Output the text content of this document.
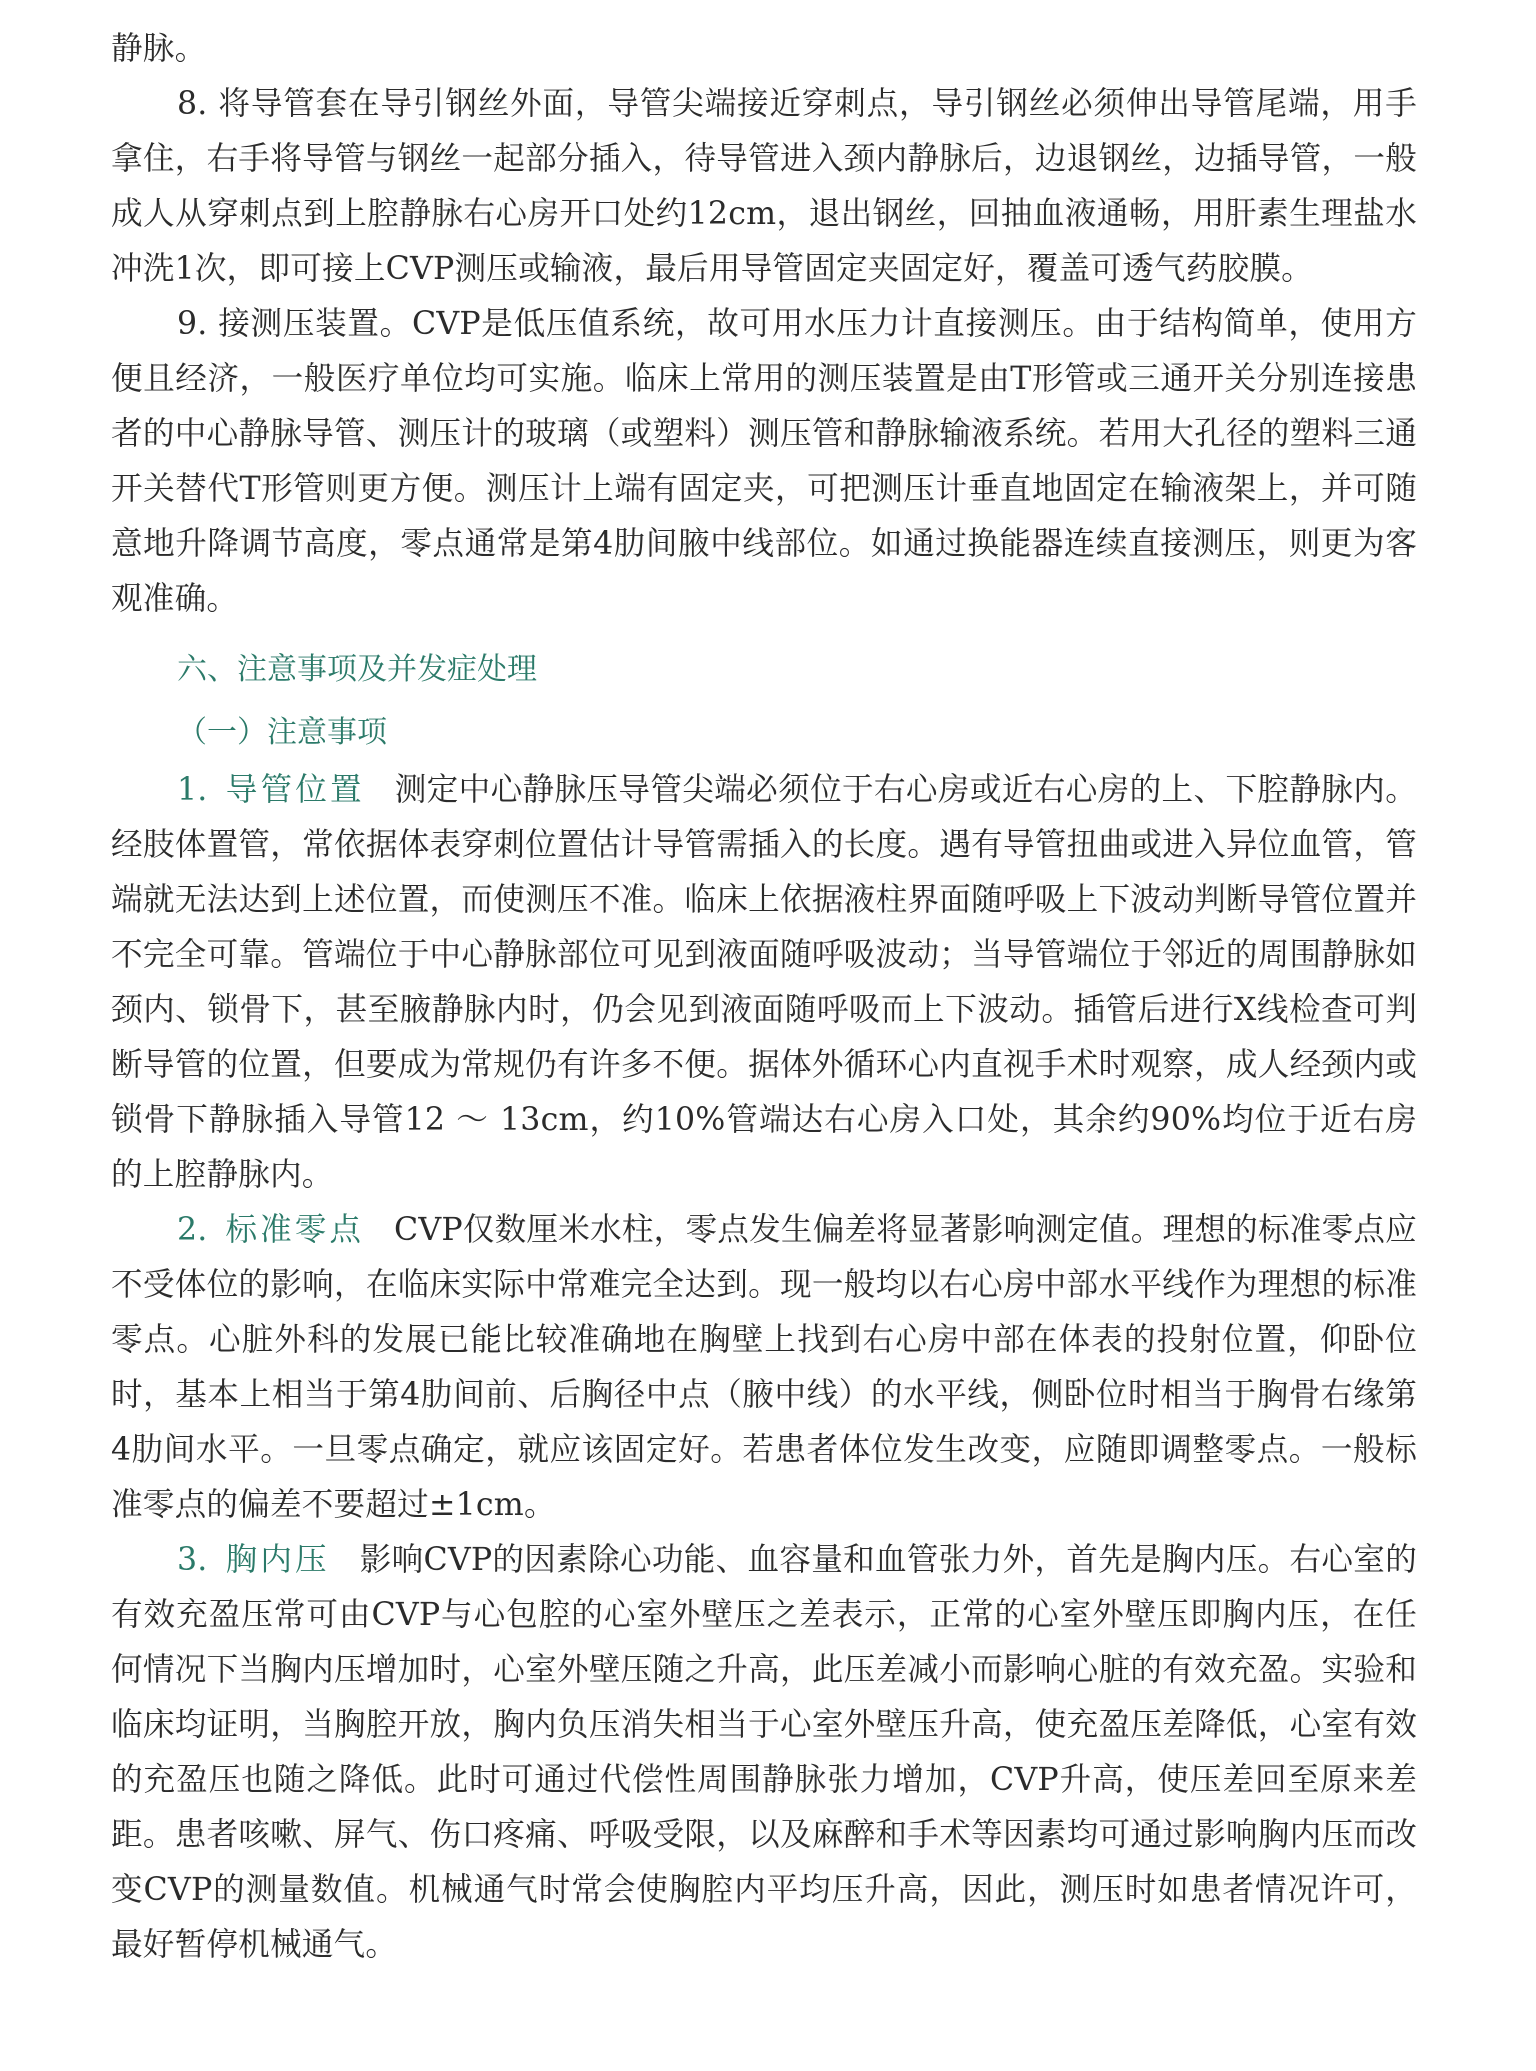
静脉。

8. 将导管套在导引钢丝外面，导管尖端接近穿刺点，导引钢丝必须伸出导管尾端，用手拿住，右手将导管与钢丝一起部分插入，待导管进入颈内静脉后，边退钢丝，边插导管，一般成人从穿刺点到上腔静脉右心房开口处约12cm，退出钢丝，回抽血液通畅，用肝素生理盐水冲洗1次，即可接上CVP测压或输液，最后用导管固定夹固定好，覆盖可透气药胶膜。

9. 接测压装置。CVP是低压值系统，故可用水压力计直接测压。由于结构简单，使用方便且经济，一般医疗单位均可实施。临床上常用的测压装置是由T形管或三通开关分别连接患者的中心静脉导管、测压计的玻璃（或塑料）测压管和静脉输液系统。若用大孔径的塑料三通开关替代T形管则更方便。测压计上端有固定夹，可把测压计垂直地固定在输液架上，并可随意地升降调节高度，零点通常是第4肋间腋中线部位。如通过换能器连续直接测压，则更为客观准确。

六、注意事项及并发症处理
（一）注意事项

1. 导管位置 测定中心静脉压导管尖端必须位于右心房或近右心房的上、下腔静脉内。经肢体置管，常依据体表穿刺位置估计导管需插入的长度。遇有导管扭曲或进入异位血管，管端就无法达到上述位置，而使测压不准。临床上依据液柱界面随呼吸上下波动判断导管位置并不完全可靠。管端位于中心静脉部位可见到液面随呼吸波动；当导管端位于邻近的周围静脉如颈内、锁骨下，甚至腋静脉内时，仍会见到液面随呼吸而上下波动。插管后进行X线检查可判断导管的位置，但要成为常规仍有许多不便。据体外循环心内直视手术时观察，成人经颈内或锁骨下静脉插入导管12 ～ 13cm，约10%管端达右心房入口处，其余约90%均位于近右房的上腔静脉内。

2. 标准零点 CVP仅数厘米水柱，零点发生偏差将显著影响测定值。理想的标准零点应不受体位的影响，在临床实际中常难完全达到。现一般均以右心房中部水平线作为理想的标准零点。心脏外科的发展已能比较准确地在胸壁上找到右心房中部在体表的投射位置，仰卧位时，基本上相当于第4肋间前、后胸径中点（腋中线）的水平线，侧卧位时相当于胸骨右缘第4肋间水平。一旦零点确定，就应该固定好。若患者体位发生改变，应随即调整零点。一般标准零点的偏差不要超过±1cm。

3. 胸内压 影响CVP的因素除心功能、血容量和血管张力外，首先是胸内压。右心室的有效充盈压常可由CVP与心包腔的心室外壁压之差表示，正常的心室外壁压即胸内压，在任何情况下当胸内压增加时，心室外壁压随之升高，此压差减小而影响心脏的有效充盈。实验和临床均证明，当胸腔开放，胸内负压消失相当于心室外壁压升高，使充盈压差降低，心室有效的充盈压也随之降低。此时可通过代偿性周围静脉张力增加，CVP升高，使压差回至原来差距。患者咳嗽、屏气、伤口疼痛、呼吸受限，以及麻醉和手术等因素均可通过影响胸内压而改变CVP的测量数值。机械通气时常会使胸腔内平均压升高，因此，测压时如患者情况许可，最好暂停机械通气。
